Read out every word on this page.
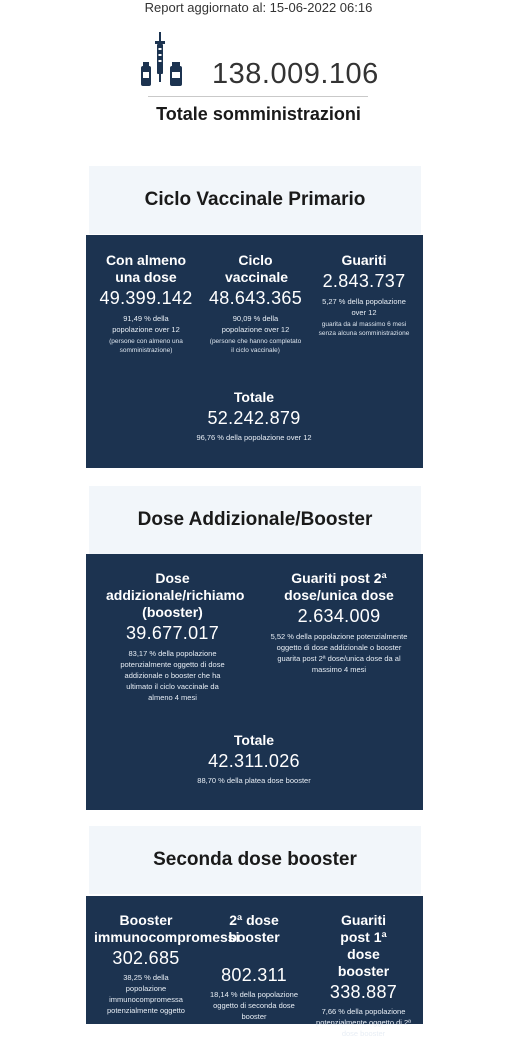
Report aggiornato al: 15-06-2022 06:16
138.009.106
Totale somministrazioni
Ciclo Vaccinale Primario
Con almeno una dose
49.399.142
91,49 % della popolazione over 12
(persone con almeno una somministrazione)
Ciclo vaccinale
48.643.365
90,09 % della popolazione over 12
(persone che hanno completato il ciclo vaccinale)
Guariti
2.843.737
5,27 % della popolazione over 12
guarita da al massimo 6 mesi senza alcuna somministrazione
Totale
52.242.879
96,76 % della popolazione over 12
Dose Addizionale/Booster
Dose addizionale/richiamo (booster)
39.677.017
83,17 % della popolazione potenzialmente oggetto di dose addizionale o booster che ha ultimato il ciclo vaccinale da almeno 4 mesi
Guariti post 2ª dose/unica dose
2.634.009
5,52 % della popolazione potenzialmente oggetto di dose addizionale o booster guarita post 2ª dose/unica dose da al massimo 4 mesi
Totale
42.311.026
88,70 % della platea dose booster
Seconda dose booster
Booster immunocompromessi
302.685
38,25 % della popolazione immunocompromessa potenzialmente oggetto
2ª dose booster
802.311
18,14 % della popolazione oggetto di seconda dose booster
Guariti post 1ª dose booster
338.887
7,66 % della popolazione potenzialmente oggetto di 2ª dose booster
